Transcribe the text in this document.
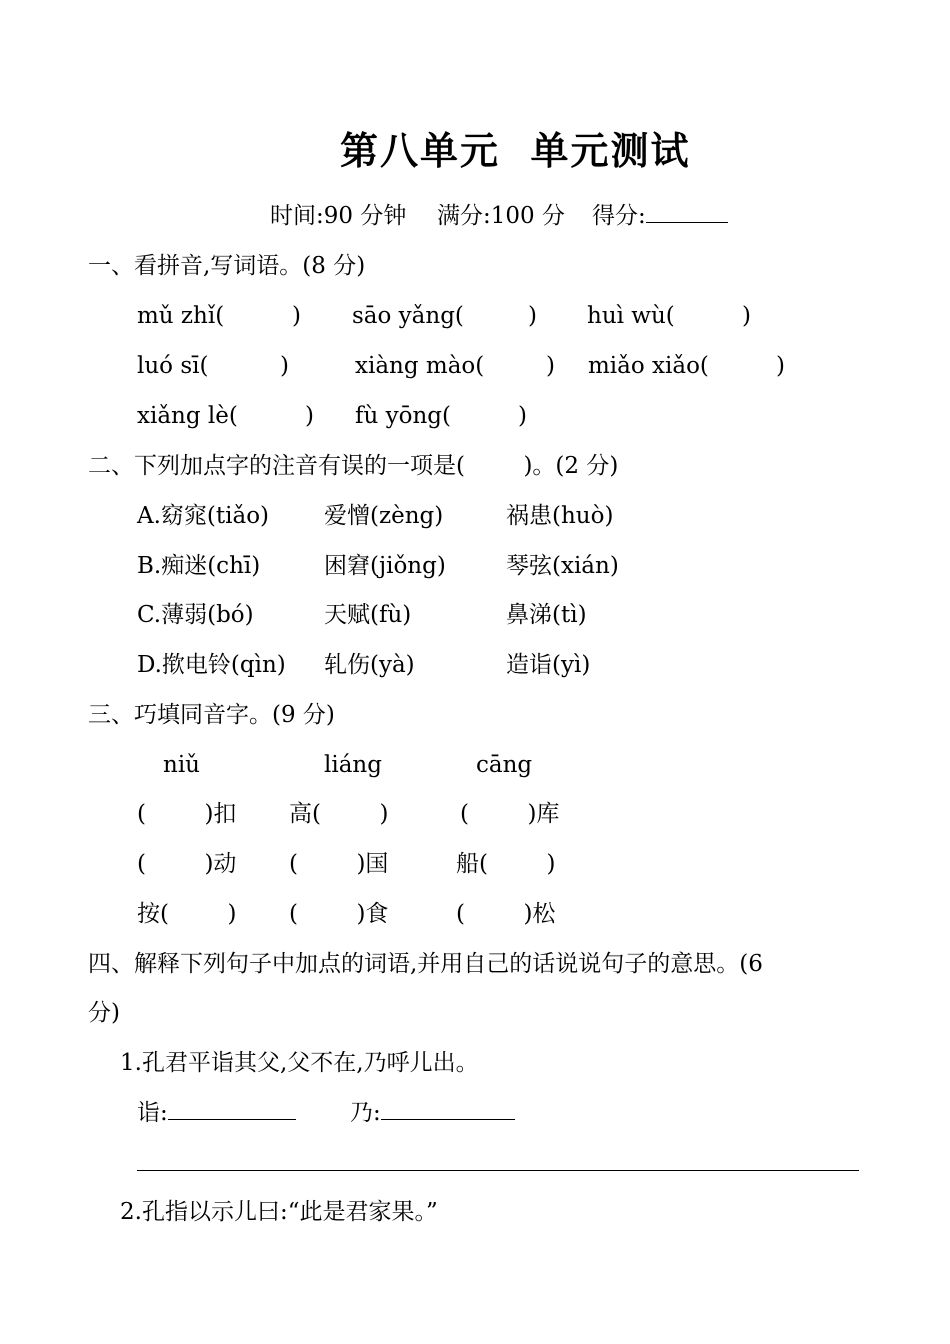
第八单元  单元测试
时间:90 分钟 满分:100 分 得分:
一、看拼音,写词语。(8 分)
mǔ zhǐ(	) sāo yǎng(	) huì wù(	)
luó sī(	)	xiàng mào(	) miǎo xiǎo(	)
xiǎng lè(	) fù yōng(	)
二、下列加点字的注音有误的一项是(        )。(2 分)
A.窈窕(tiǎo) 爱憎(zèng)	祸患(huò)
B.痴迷(chī)	困窘(jiǒng)	琴弦(xián)
C.薄弱(bó)	天赋(fù)	鼻涕(tì)
D.揿电铃(qìn) 轧伤(yà)	造诣(yì)
三、巧填同音字。(9 分)
niǔ	liáng	cāng
(        )扣 高(        )	(        )库
(        )动 (        )国	船(        )
按(        ) (        )食	(        )松
四、解释下列句子中加点的词语,并用自己的话说说句子的意思。(6
分)
1.孔君平诣其父,父不在,乃呼儿出。
诣:	乃:
2.孔指以示儿曰:“此是君家果。”
